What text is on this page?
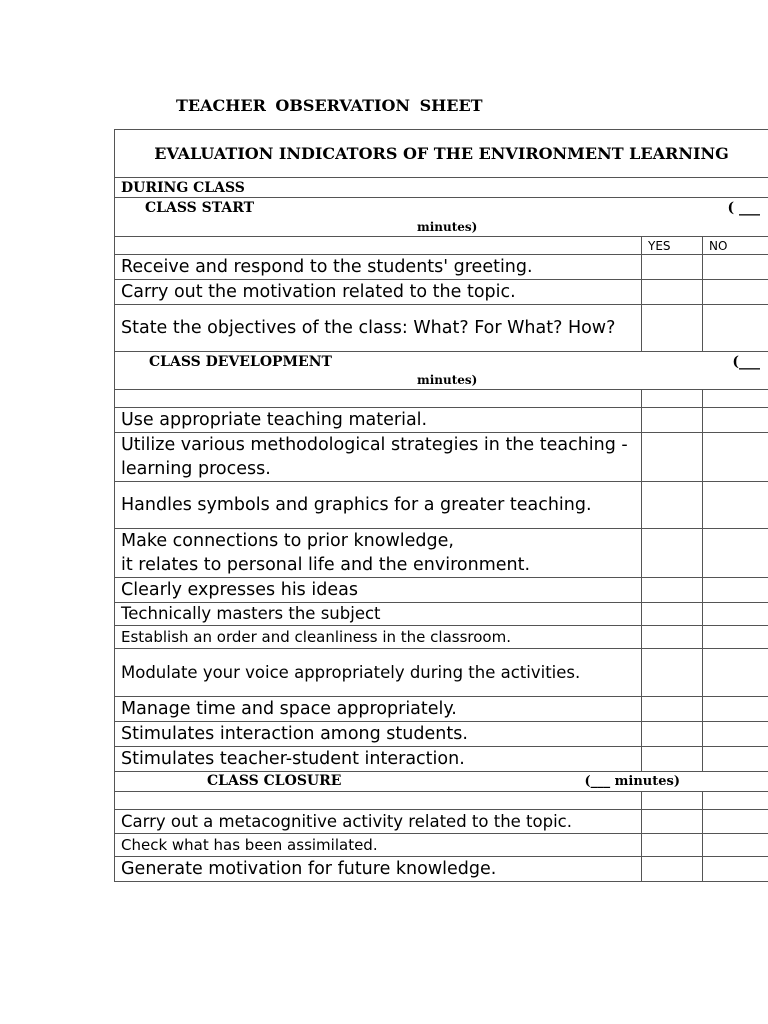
TEACHER OBSERVATION SHEET
EVALUATION INDICATORS OF THE ENVIRONMENT LEARNING		
DURING CLASS		

CLASS START ( ___
minutes)		

	YES	NO
Receive and respond to the students' greeting.		
Carry out the motivation related to the topic.		
State the objectives of the class: What? For What? How?		

CLASS DEVELOPMENT (___
minutes)		

Use appropriate teaching material.		
Utilize various methodological strategies in the teaching - learning process.		
Handles symbols and graphics for a greater teaching.		

Make connections to prior knowledge,
it relates to personal life and the environment.		

Clearly expresses his ideas		
Technically masters the subject		
Establish an order and cleanliness in the classroom.		
Modulate your voice appropriately during the activities.		
Manage time and space appropriately.		
Stimulates interaction among students.		
Stimulates teacher-student interaction.		

CLASS CLOSURE (___ minutes)		

Carry out a metacognitive activity related to the topic.		
Check what has been assimilated.		
Generate motivation for future knowledge.		
